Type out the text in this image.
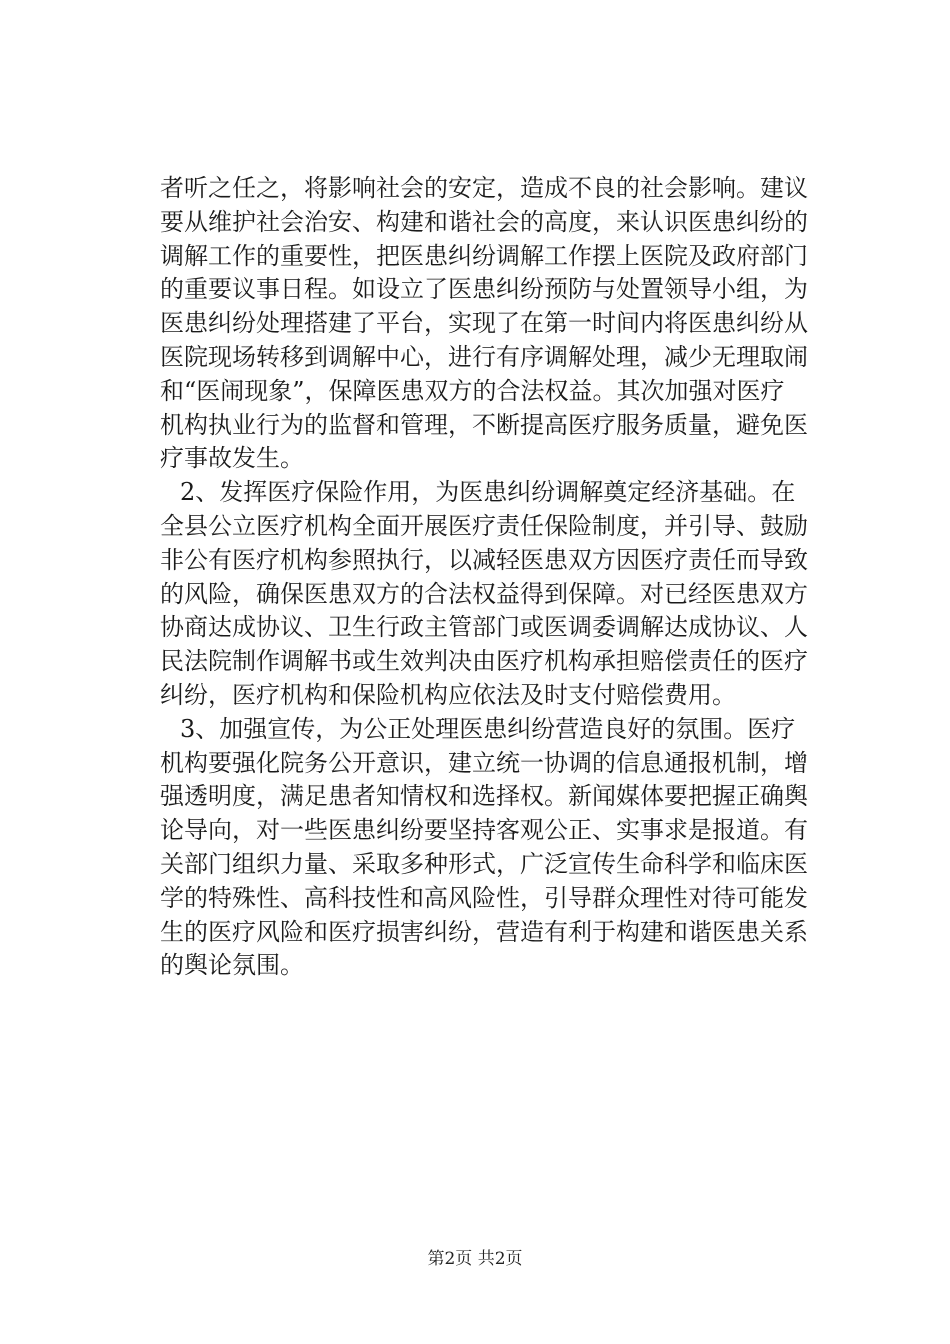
者听之任之，将影响社会的安定，造成不良的社会影响。建议
要从维护社会治安、构建和谐社会的高度，来认识医患纠纷的
调解工作的重要性，把医患纠纷调解工作摆上医院及政府部门
的重要议事日程。如设立了医患纠纷预防与处置领导小组，为
医患纠纷处理搭建了平台，实现了在第一时间内将医患纠纷从
医院现场转移到调解中心，进行有序调解处理，减少无理取闹
和“医闹现象”，保障医患双方的合法权益。其次加强对医疗
机构执业行为的监督和管理，不断提高医疗服务质量，避免医
疗事故发生。
2、发挥医疗保险作用，为医患纠纷调解奠定经济基础。在
全县公立医疗机构全面开展医疗责任保险制度，并引导、鼓励
非公有医疗机构参照执行，以减轻医患双方因医疗责任而导致
的风险，确保医患双方的合法权益得到保障。对已经医患双方
协商达成协议、卫生行政主管部门或医调委调解达成协议、人
民法院制作调解书或生效判决由医疗机构承担赔偿责任的医疗
纠纷，医疗机构和保险机构应依法及时支付赔偿费用。
3、加强宣传，为公正处理医患纠纷营造良好的氛围。医疗
机构要强化院务公开意识，建立统一协调的信息通报机制，增
强透明度，满足患者知情权和选择权。新闻媒体要把握正确舆
论导向，对一些医患纠纷要坚持客观公正、实事求是报道。有
关部门组织力量、采取多种形式，广泛宣传生命科学和临床医
学的特殊性、高科技性和高风险性，引导群众理性对待可能发
生的医疗风险和医疗损害纠纷，营造有利于构建和谐医患关系
的舆论氛围。
第2页 共2页
